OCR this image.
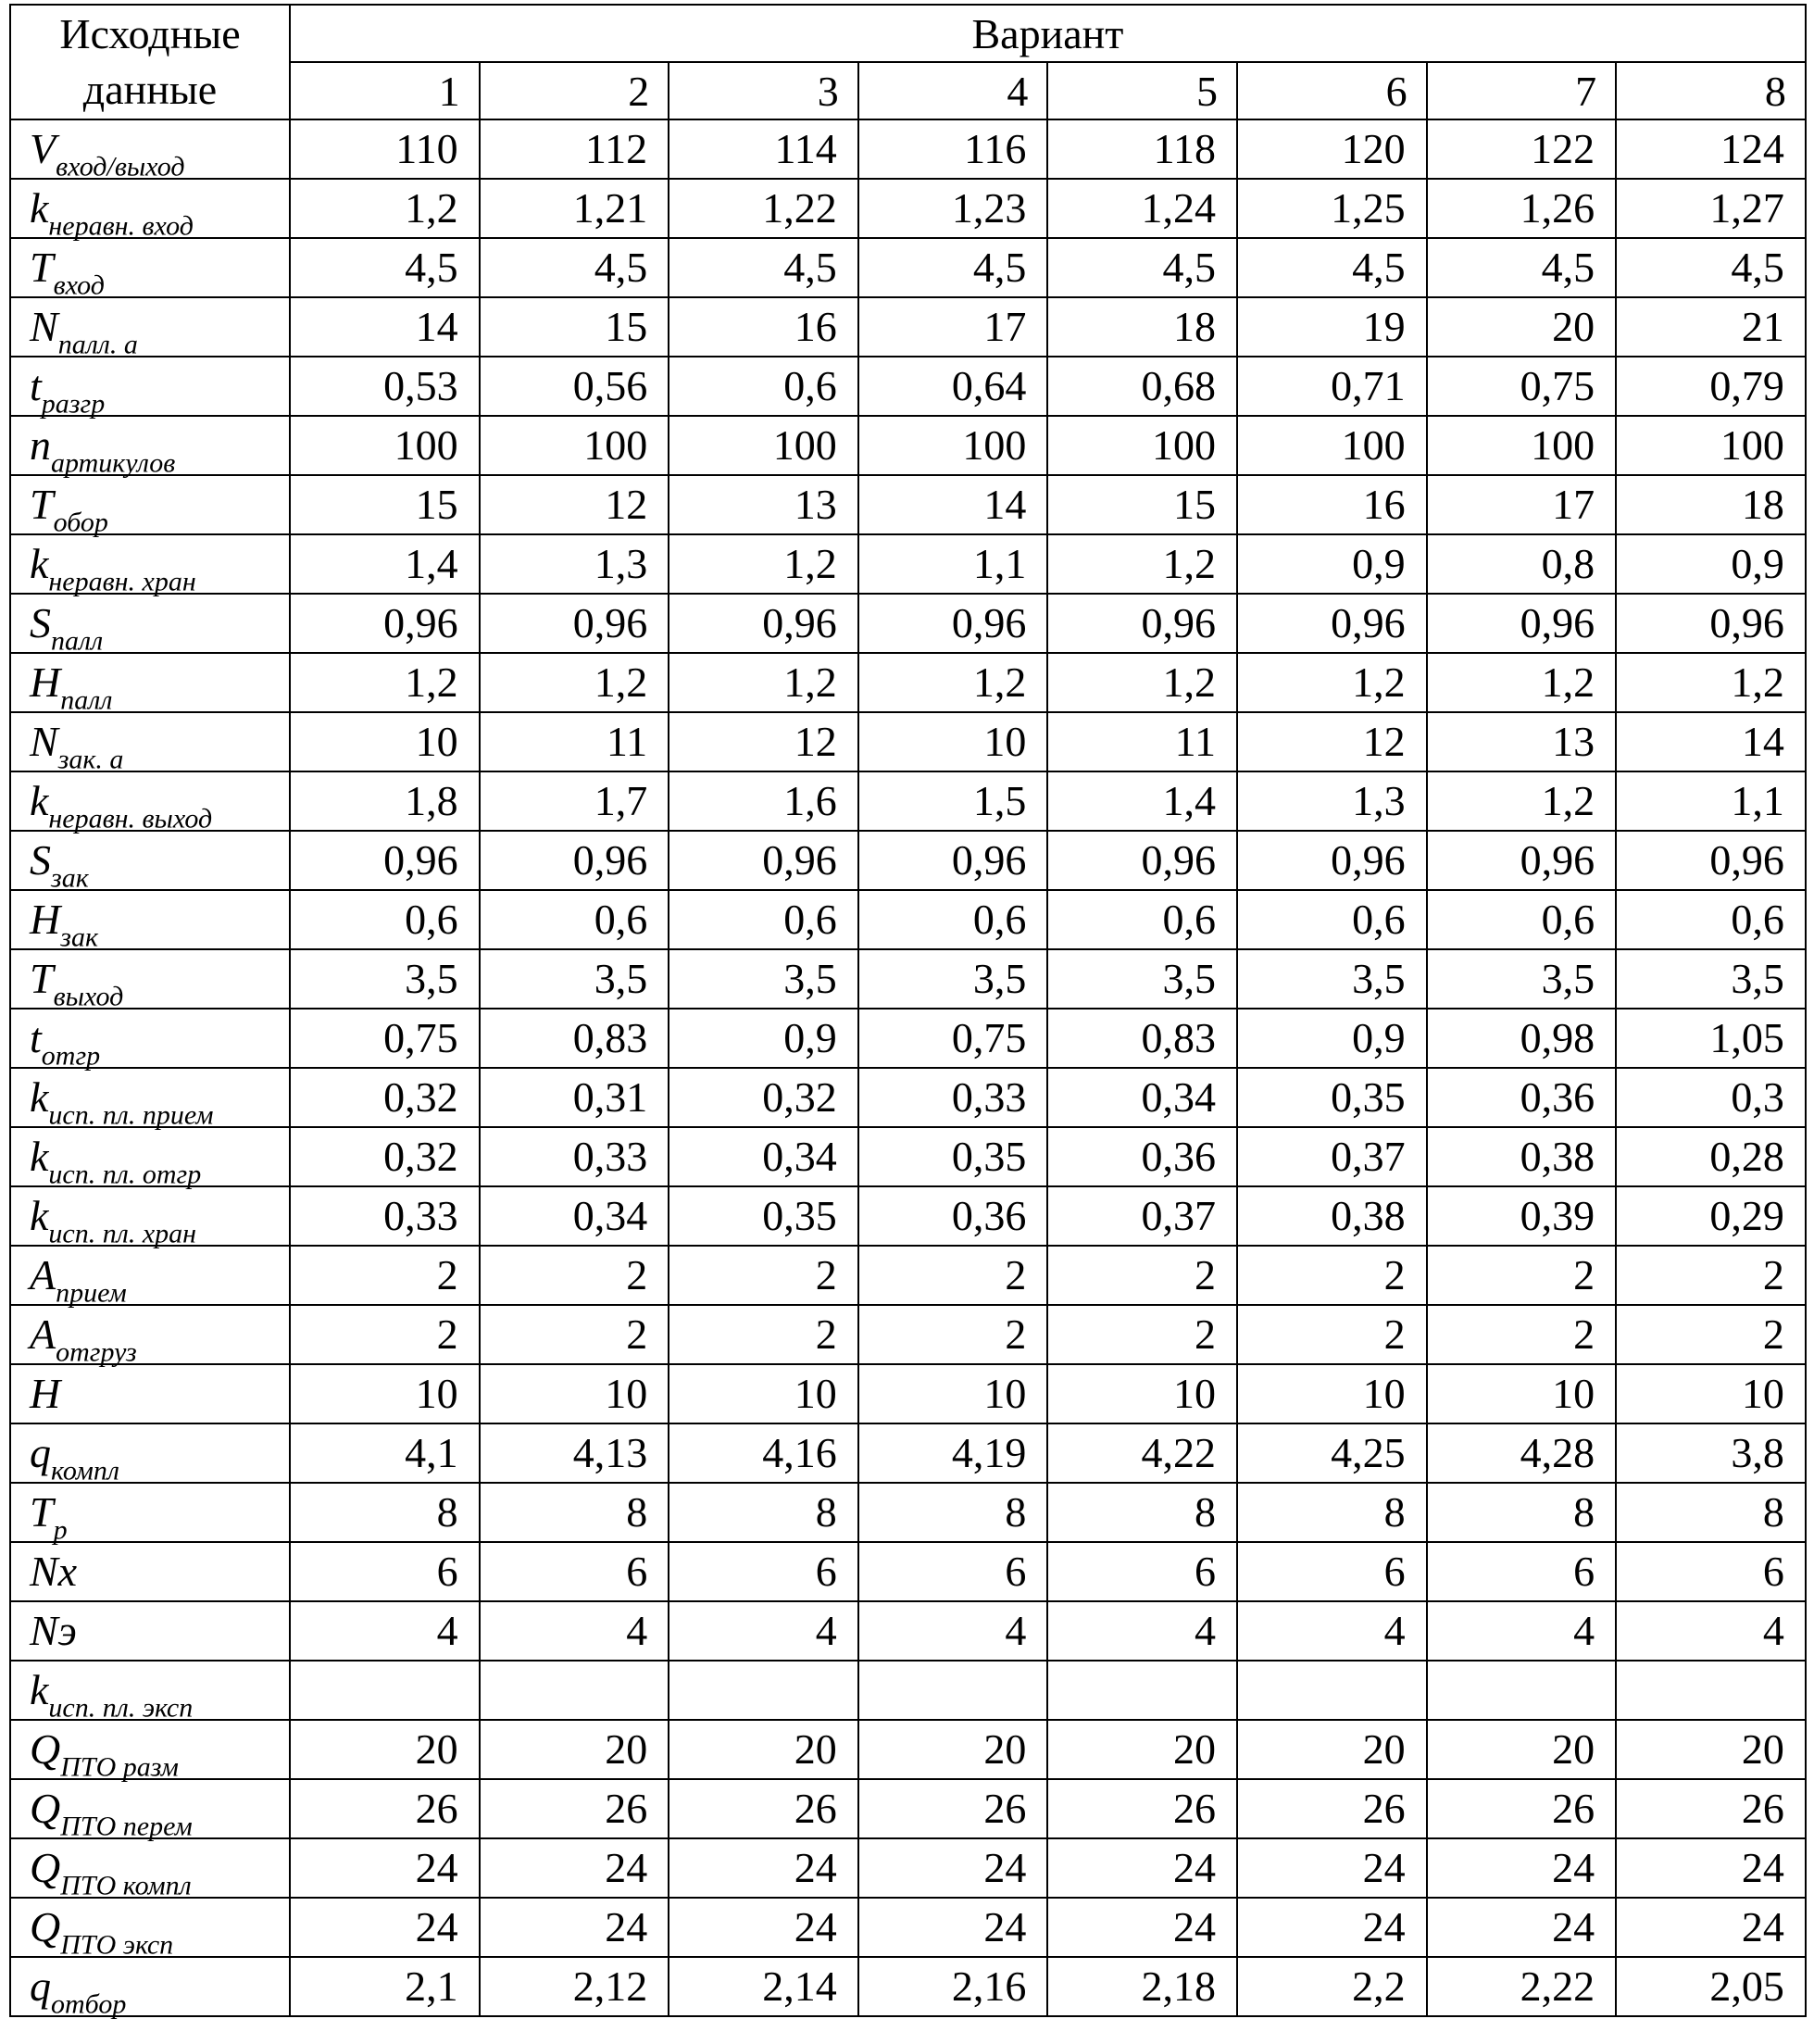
Исходные данные	Вариант							
	1	2	3	4	5	6	7	8
$V_{вход/выход}$	110	112	114	116	118	120	122	124
$k_{неравн. вход}$	1,2	1,21	1,22	1,23	1,24	1,25	1,26	1,27
$T_{вход}$	4,5	4,5	4,5	4,5	4,5	4,5	4,5	4,5
$N_{палл. а}$	14	15	16	17	18	19	20	21
$t_{разгр}$	0,53	0,56	0,6	0,64	0,68	0,71	0,75	0,79
$n_{артикулов}$	100	100	100	100	100	100	100	100
$T_{обор}$	15	12	13	14	15	16	17	18
$k_{неравн. хран}$	1,4	1,3	1,2	1,1	1,2	0,9	0,8	0,9
$S_{палл}$	0,96	0,96	0,96	0,96	0,96	0,96	0,96	0,96
$H_{палл}$	1,2	1,2	1,2	1,2	1,2	1,2	1,2	1,2
$N_{зак. а}$	10	11	12	10	11	12	13	14
$k_{неравн. выход}$	1,8	1,7	1,6	1,5	1,4	1,3	1,2	1,1
$S_{зак}$	0,96	0,96	0,96	0,96	0,96	0,96	0,96	0,96
$H_{зак}$	0,6	0,6	0,6	0,6	0,6	0,6	0,6	0,6
$T_{выход}$	3,5	3,5	3,5	3,5	3,5	3,5	3,5	3,5
$t_{отгр}$	0,75	0,83	0,9	0,75	0,83	0,9	0,98	1,05
$k_{исп. пл. прием}$	0,32	0,31	0,32	0,33	0,34	0,35	0,36	0,3
$k_{исп. пл. отгр}$	0,32	0,33	0,34	0,35	0,36	0,37	0,38	0,28
$k_{исп. пл. хран}$	0,33	0,34	0,35	0,36	0,37	0,38	0,39	0,29
$A_{прием}$	2	2	2	2	2	2	2	2
$A_{отгруз}$	2	2	2	2	2	2	2	2
H	10	10	10	10	10	10	10	10
$q_{компл}$	4,1	4,13	4,16	4,19	4,22	4,25	4,28	3,8
$T_р$	8	8	8	8	8	8	8	8
Nx	6	6	6	6	6	6	6	6
Nэ	4	4	4	4	4	4	4	4
$k_{исп. пл. эксп}$								
$Q_{ПТО разм}$	20	20	20	20	20	20	20	20
$Q_{ПТО перем}$	26	26	26	26	26	26	26	26
$Q_{ПТО компл}$	24	24	24	24	24	24	24	24
$Q_{ПТО эксп}$	24	24	24	24	24	24	24	24
$q_{отбор}$	2,1	2,12	2,14	2,16	2,18	2,2	2,22	2,05
